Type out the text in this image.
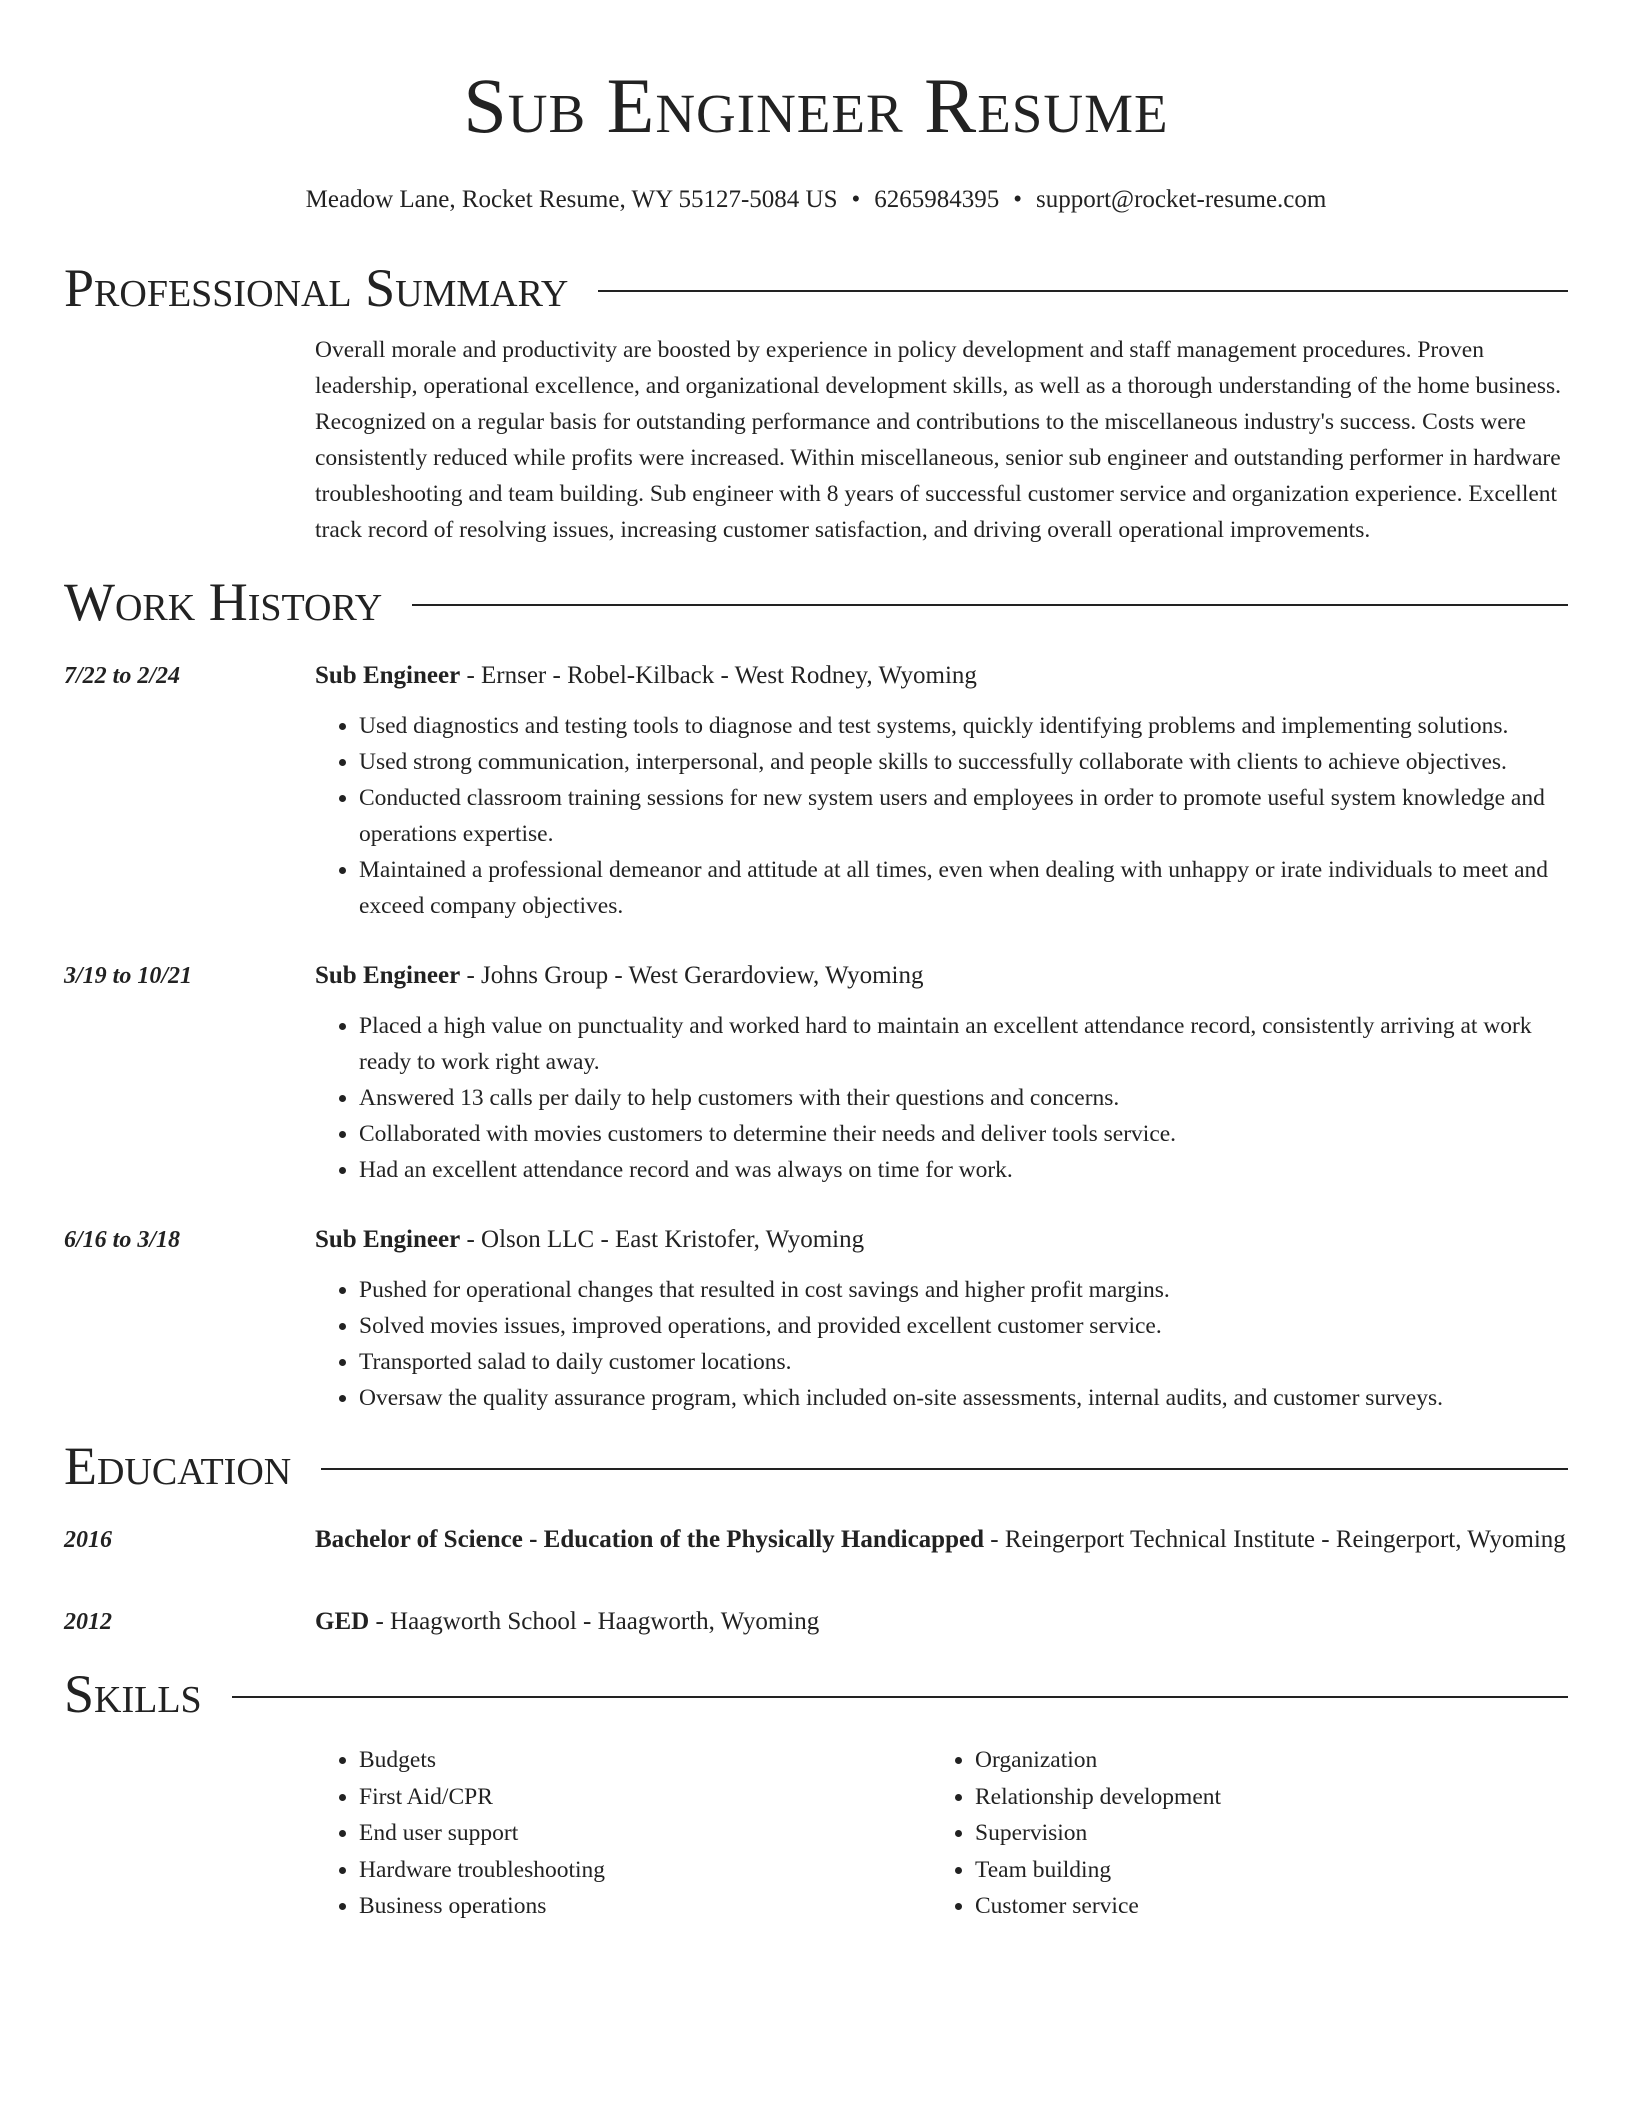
Sub Engineer Resume
Meadow Lane, Rocket Resume, WY 55127-5084 US • 6265984395 • support@rocket-resume.com
Professional Summary
Overall morale and productivity are boosted by experience in policy development and staff management procedures. Proven leadership, operational excellence, and organizational development skills, as well as a thorough understanding of the home business. Recognized on a regular basis for outstanding performance and contributions to the miscellaneous industry's success. Costs were consistently reduced while profits were increased. Within miscellaneous, senior sub engineer and outstanding performer in hardware troubleshooting and team building. Sub engineer with 8 years of successful customer service and organization experience. Excellent track record of resolving issues, increasing customer satisfaction, and driving overall operational improvements.
Work History
7/22 to 2/24	Sub Engineer - Ernser - Robel-Kilback - West Rodney, Wyoming
• Used diagnostics and testing tools to diagnose and test systems, quickly identifying problems and implementing solutions.
• Used strong communication, interpersonal, and people skills to successfully collaborate with clients to achieve objectives.
• Conducted classroom training sessions for new system users and employees in order to promote useful system knowledge and operations expertise.
• Maintained a professional demeanor and attitude at all times, even when dealing with unhappy or irate individuals to meet and exceed company objectives.
3/19 to 10/21	Sub Engineer - Johns Group - West Gerardoview, Wyoming
• Placed a high value on punctuality and worked hard to maintain an excellent attendance record, consistently arriving at work ready to work right away.
• Answered 13 calls per daily to help customers with their questions and concerns.
• Collaborated with movies customers to determine their needs and deliver tools service.
• Had an excellent attendance record and was always on time for work.
6/16 to 3/18	Sub Engineer - Olson LLC - East Kristofer, Wyoming
• Pushed for operational changes that resulted in cost savings and higher profit margins.
• Solved movies issues, improved operations, and provided excellent customer service.
• Transported salad to daily customer locations.
• Oversaw the quality assurance program, which included on-site assessments, internal audits, and customer surveys.
Education
2016	Bachelor of Science - Education of the Physically Handicapped - Reingerport Technical Institute - Reingerport, Wyoming
2012	GED - Haagworth School - Haagworth, Wyoming
Skills
• Budgets
• First Aid/CPR
• End user support
• Hardware troubleshooting
• Business operations
• Organization
• Relationship development
• Supervision
• Team building
• Customer service
